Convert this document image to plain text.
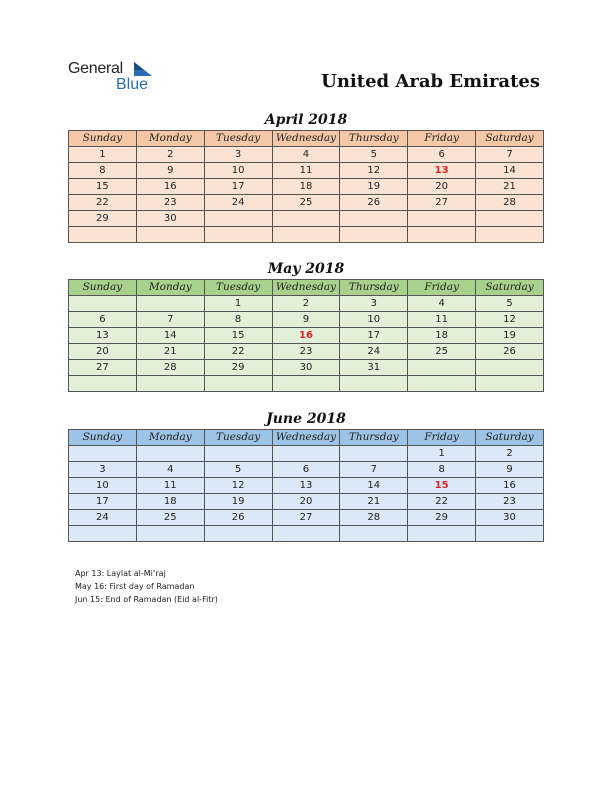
General
Blue	United Arab Emirates
April 2018
Sunday	Monday	Tuesday	Wednesday	Thursday	Friday	Saturday
1	2	3	4	5	6	7
8	9	10	11	12	13	14
15	16	17	18	19	20	21
22	23	24	25	26	27	28
29	30					

May 2018
Sunday	Monday	Tuesday	Wednesday	Thursday	Friday	Saturday
		1	2	3	4	5
6	7	8	9	10	11	12
13	14	15	16	17	18	19
20	21	22	23	24	25	26
27	28	29	30	31		

June 2018
Sunday	Monday	Tuesday	Wednesday	Thursday	Friday	Saturday
					1	2
3	4	5	6	7	8	9
10	11	12	13	14	15	16
17	18	19	20	21	22	23
24	25	26	27	28	29	30

Apr 13: Laylat al-Mi’raj
May 16: First day of Ramadan
Jun 15: End of Ramadan (Eid al-Fitr)
